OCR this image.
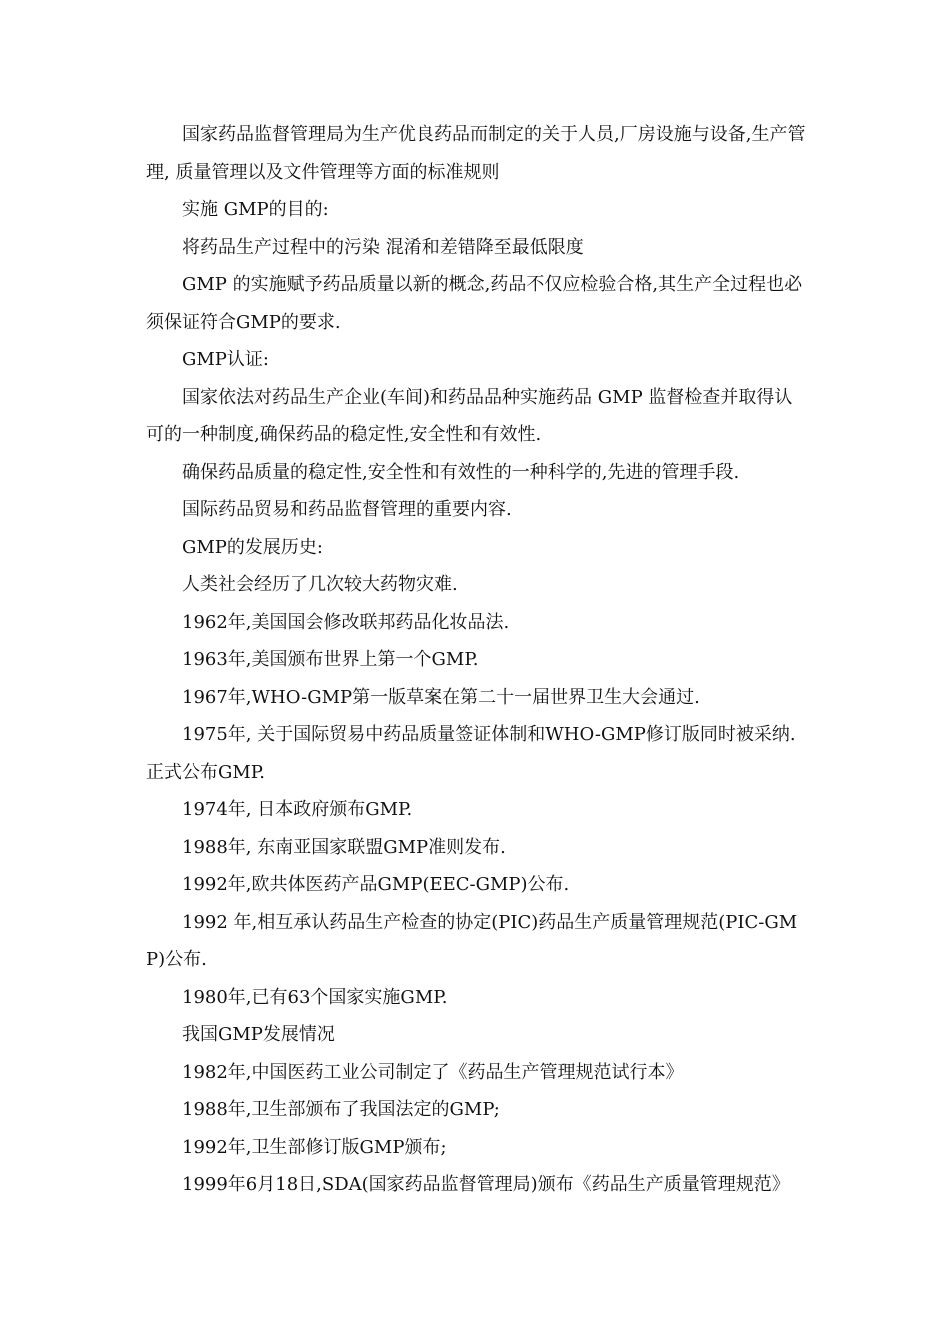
国家药品监督管理局为生产优良药品而制定的关于人员,厂房设施与设备,生产管理, 质量管理以及文件管理等方面的标准规则

实施 GMP的目的:

将药品生产过程中的污染 混淆和差错降至最低限度

GMP 的实施赋予药品质量以新的概念,药品不仅应检验合格,其生产全过程也必须保证符合GMP的要求.

GMP认证:

国家依法对药品生产企业(车间)和药品品种实施药品 GMP 监督检查并取得认可的一种制度,确保药品的稳定性,安全性和有效性.

确保药品质量的稳定性,安全性和有效性的一种科学的,先进的管理手段.

国际药品贸易和药品监督管理的重要内容.

GMP的发展历史:

人类社会经历了几次较大药物灾难.

1962年,美国国会修改联邦药品化妆品法.

1963年,美国颁布世界上第一个GMP.

1967年,WHO-GMP第一版草案在第二十一届世界卫生大会通过.

1975年, 关于国际贸易中药品质量签证体制和WHO-GMP修订版同时被采纳.正式公布GMP.

1974年, 日本政府颁布GMP.

1988年, 东南亚国家联盟GMP准则发布.

1992年,欧共体医药产品GMP(EEC-GMP)公布.

1992 年,相互承认药品生产检查的协定(PIC)药品生产质量管理规范(PIC-GMP)公布.

1980年,已有63个国家实施GMP.

我国GMP发展情况

1982年,中国医药工业公司制定了《药品生产管理规范试行本》

1988年,卫生部颁布了我国法定的GMP;

1992年,卫生部修订版GMP颁布;

1999年6月18日,SDA(国家药品监督管理局)颁布《药品生产质量管理规范》
